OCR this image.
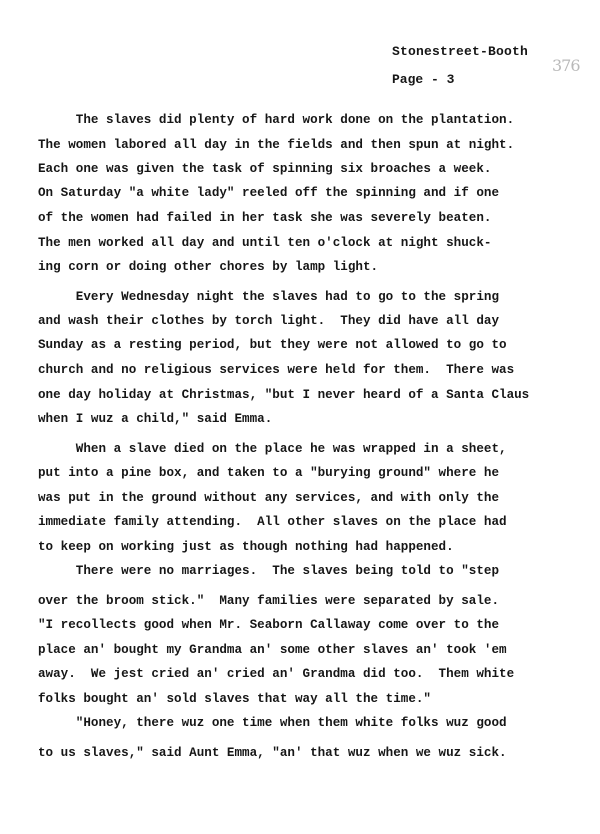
Stonestreet-Booth
Page - 3
376
The slaves did plenty of hard work done on the plantation.
The women labored all day in the fields and then spun at night.
Each one was given the task of spinning six broaches a week.
On Saturday "a white lady" reeled off the spinning and if one
of the women had failed in her task she was severely beaten.
The men worked all day and until ten o'clock at night shuck-
ing corn or doing other chores by lamp light.
Every Wednesday night the slaves had to go to the spring
and wash their clothes by torch light.  They did have all day
Sunday as a resting period, but they were not allowed to go to
church and no religious services were held for them.  There was
one day holiday at Christmas, "but I never heard of a Santa Claus
when I wuz a child," said Emma.
When a slave died on the place he was wrapped in a sheet,
put into a pine box, and taken to a "burying ground" where he
was put in the ground without any services, and with only the
immediate family attending.  All other slaves on the place had
to keep on working just as though nothing had happened.
There were no marriages.  The slaves being told to "step
over the broom stick."  Many families were separated by sale.
"I recollects good when Mr. Seaborn Callaway come over to the
place an' bought my Grandma an' some other slaves an' took 'em
away.  We jest cried an' cried an' Grandma did too.  Them white
folks bought an' sold slaves that way all the time."
"Honey, there wuz one time when them white folks wuz good
to us slaves," said Aunt Emma, "an' that wuz when we wuz sick.
